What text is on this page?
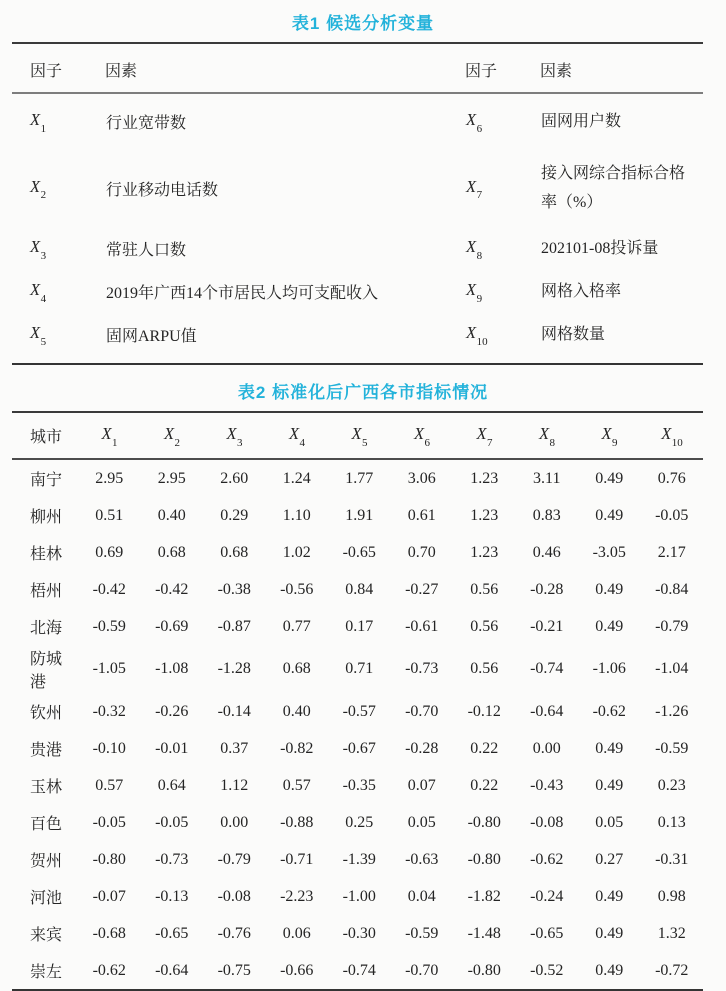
表1 候选分析变量
因子	因素	因子	因素
$X_1$	行业宽带数	$X_6$	固网用户数
$X_2$	行业移动电话数	$X_7$	接入网综合指标合格率（%）
$X_3$	常驻人口数	$X_8$	202101-08投诉量
$X_4$	2019年广西14个市居民人均可支配收入	$X_9$	网格入格率
$X_5$	固网ARPU值	$X_{10}$	网格数量
表2 标准化后广西各市指标情况
城市	$X_1$	$X_2$	$X_3$	$X_4$	$X_5$	$X_6$	$X_7$	$X_8$	$X_9$	$X_{10}$
南宁	2.95	2.95	2.60	1.24	1.77	3.06	1.23	3.11	0.49	0.76
柳州	0.51	0.40	0.29	1.10	1.91	0.61	1.23	0.83	0.49	-0.05
桂林	0.69	0.68	0.68	1.02	-0.65	0.70	1.23	0.46	-3.05	2.17
梧州	-0.42	-0.42	-0.38	-0.56	0.84	-0.27	0.56	-0.28	0.49	-0.84
北海	-0.59	-0.69	-0.87	0.77	0.17	-0.61	0.56	-0.21	0.49	-0.79
防城港	-1.05	-1.08	-1.28	0.68	0.71	-0.73	0.56	-0.74	-1.06	-1.04
钦州	-0.32	-0.26	-0.14	0.40	-0.57	-0.70	-0.12	-0.64	-0.62	-1.26
贵港	-0.10	-0.01	0.37	-0.82	-0.67	-0.28	0.22	0.00	0.49	-0.59
玉林	0.57	0.64	1.12	0.57	-0.35	0.07	0.22	-0.43	0.49	0.23
百色	-0.05	-0.05	0.00	-0.88	0.25	0.05	-0.80	-0.08	0.05	0.13
贺州	-0.80	-0.73	-0.79	-0.71	-1.39	-0.63	-0.80	-0.62	0.27	-0.31
河池	-0.07	-0.13	-0.08	-2.23	-1.00	0.04	-1.82	-0.24	0.49	0.98
来宾	-0.68	-0.65	-0.76	0.06	-0.30	-0.59	-1.48	-0.65	0.49	1.32
崇左	-0.62	-0.64	-0.75	-0.66	-0.74	-0.70	-0.80	-0.52	0.49	-0.72
